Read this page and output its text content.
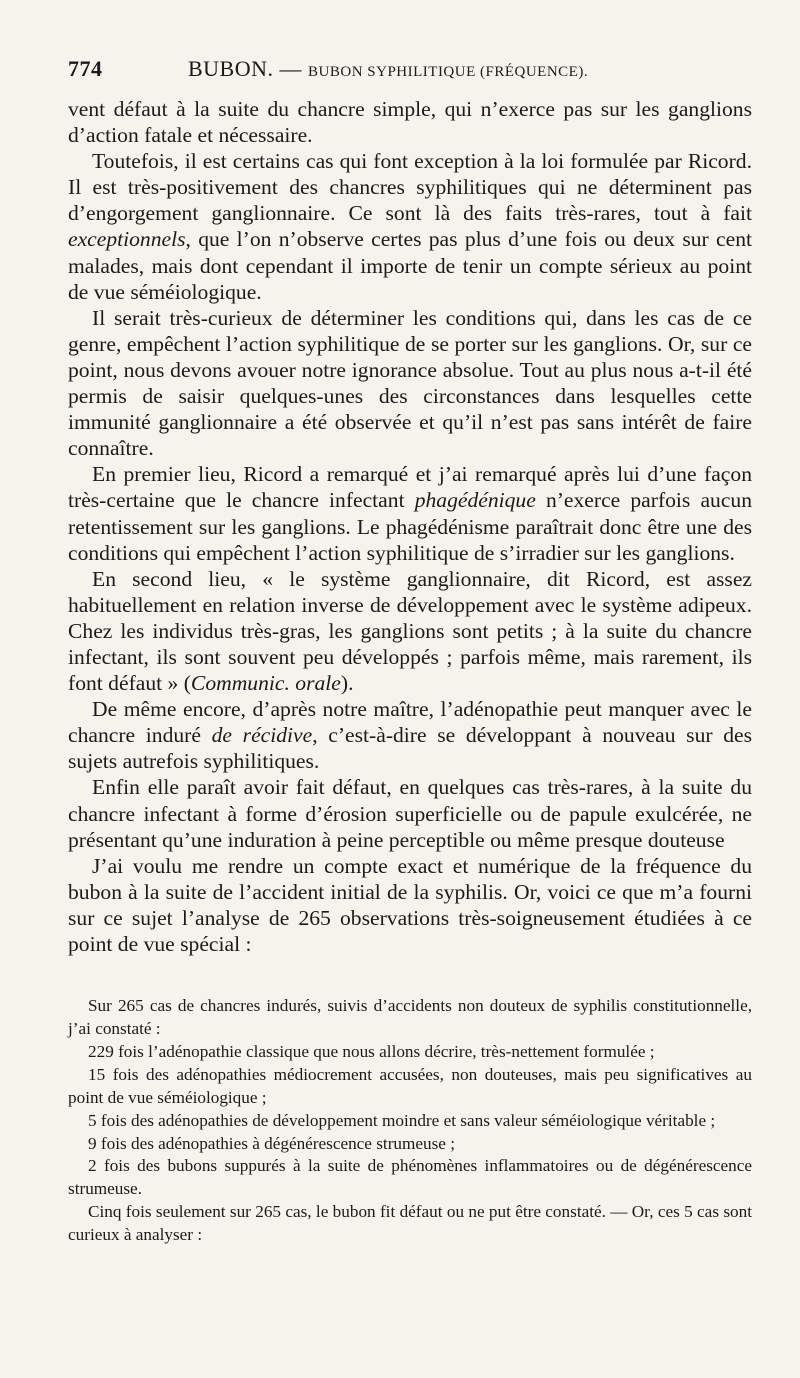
774	BUBON. — BUBON SYPHILITIQUE (FRÉQUENCE).

vent défaut à la suite du chancre simple, qui n’exerce pas sur les ganglions d’action fatale et nécessaire.

Toutefois, il est certains cas qui font exception à la loi formulée par Ricord. Il est très-positivement des chancres syphilitiques qui ne déterminent pas d’engorgement ganglionnaire. Ce sont là des faits très-rares, tout à fait exceptionnels, que l’on n’observe certes pas plus d’une fois ou deux sur cent malades, mais dont cependant il importe de tenir un compte sérieux au point de vue séméiologique.

Il serait très-curieux de déterminer les conditions qui, dans les cas de ce genre, empêchent l’action syphilitique de se porter sur les ganglions. Or, sur ce point, nous devons avouer notre ignorance absolue. Tout au plus nous a-t-il été permis de saisir quelques-unes des circonstances dans lesquelles cette immunité ganglionnaire a été observée et qu’il n’est pas sans intérêt de faire connaître.

En premier lieu, Ricord a remarqué et j’ai remarqué après lui d’une façon très-certaine que le chancre infectant phagédénique n’exerce parfois aucun retentissement sur les ganglions. Le phagédénisme paraîtrait donc être une des conditions qui empêchent l’action syphilitique de s’irradier sur les ganglions.

En second lieu, « le système ganglionnaire, dit Ricord, est assez habituellement en relation inverse de développement avec le système adipeux. Chez les individus très-gras, les ganglions sont petits ; à la suite du chancre infectant, ils sont souvent peu développés ; parfois même, mais rarement, ils font défaut » (Communic. orale).

De même encore, d’après notre maître, l’adénopathie peut manquer avec le chancre induré de récidive, c’est-à-dire se développant à nouveau sur des sujets autrefois syphilitiques.

Enfin elle paraît avoir fait défaut, en quelques cas très-rares, à la suite du chancre infectant à forme d’érosion superficielle ou de papule exulcérée, ne présentant qu’une induration à peine perceptible ou même presque douteuse

J’ai voulu me rendre un compte exact et numérique de la fréquence du bubon à la suite de l’accident initial de la syphilis. Or, voici ce que m’a fourni sur ce sujet l’analyse de 265 observations très-soigneusement étudiées à ce point de vue spécial :

Sur 265 cas de chancres indurés, suivis d’accidents non douteux de syphilis constitutionnelle, j’ai constaté :

229 fois l’adénopathie classique que nous allons décrire, très-nettement formulée ;

15 fois des adénopathies médiocrement accusées, non douteuses, mais peu significatives au point de vue séméiologique ;

5 fois des adénopathies de développement moindre et sans valeur séméiologique véritable ;

9 fois des adénopathies à dégénérescence strumeuse ;

2 fois des bubons suppurés à la suite de phénomènes inflammatoires ou de dégénérescence strumeuse.

Cinq fois seulement sur 265 cas, le bubon fit défaut ou ne put être constaté. — Or, ces 5 cas sont curieux à analyser :
